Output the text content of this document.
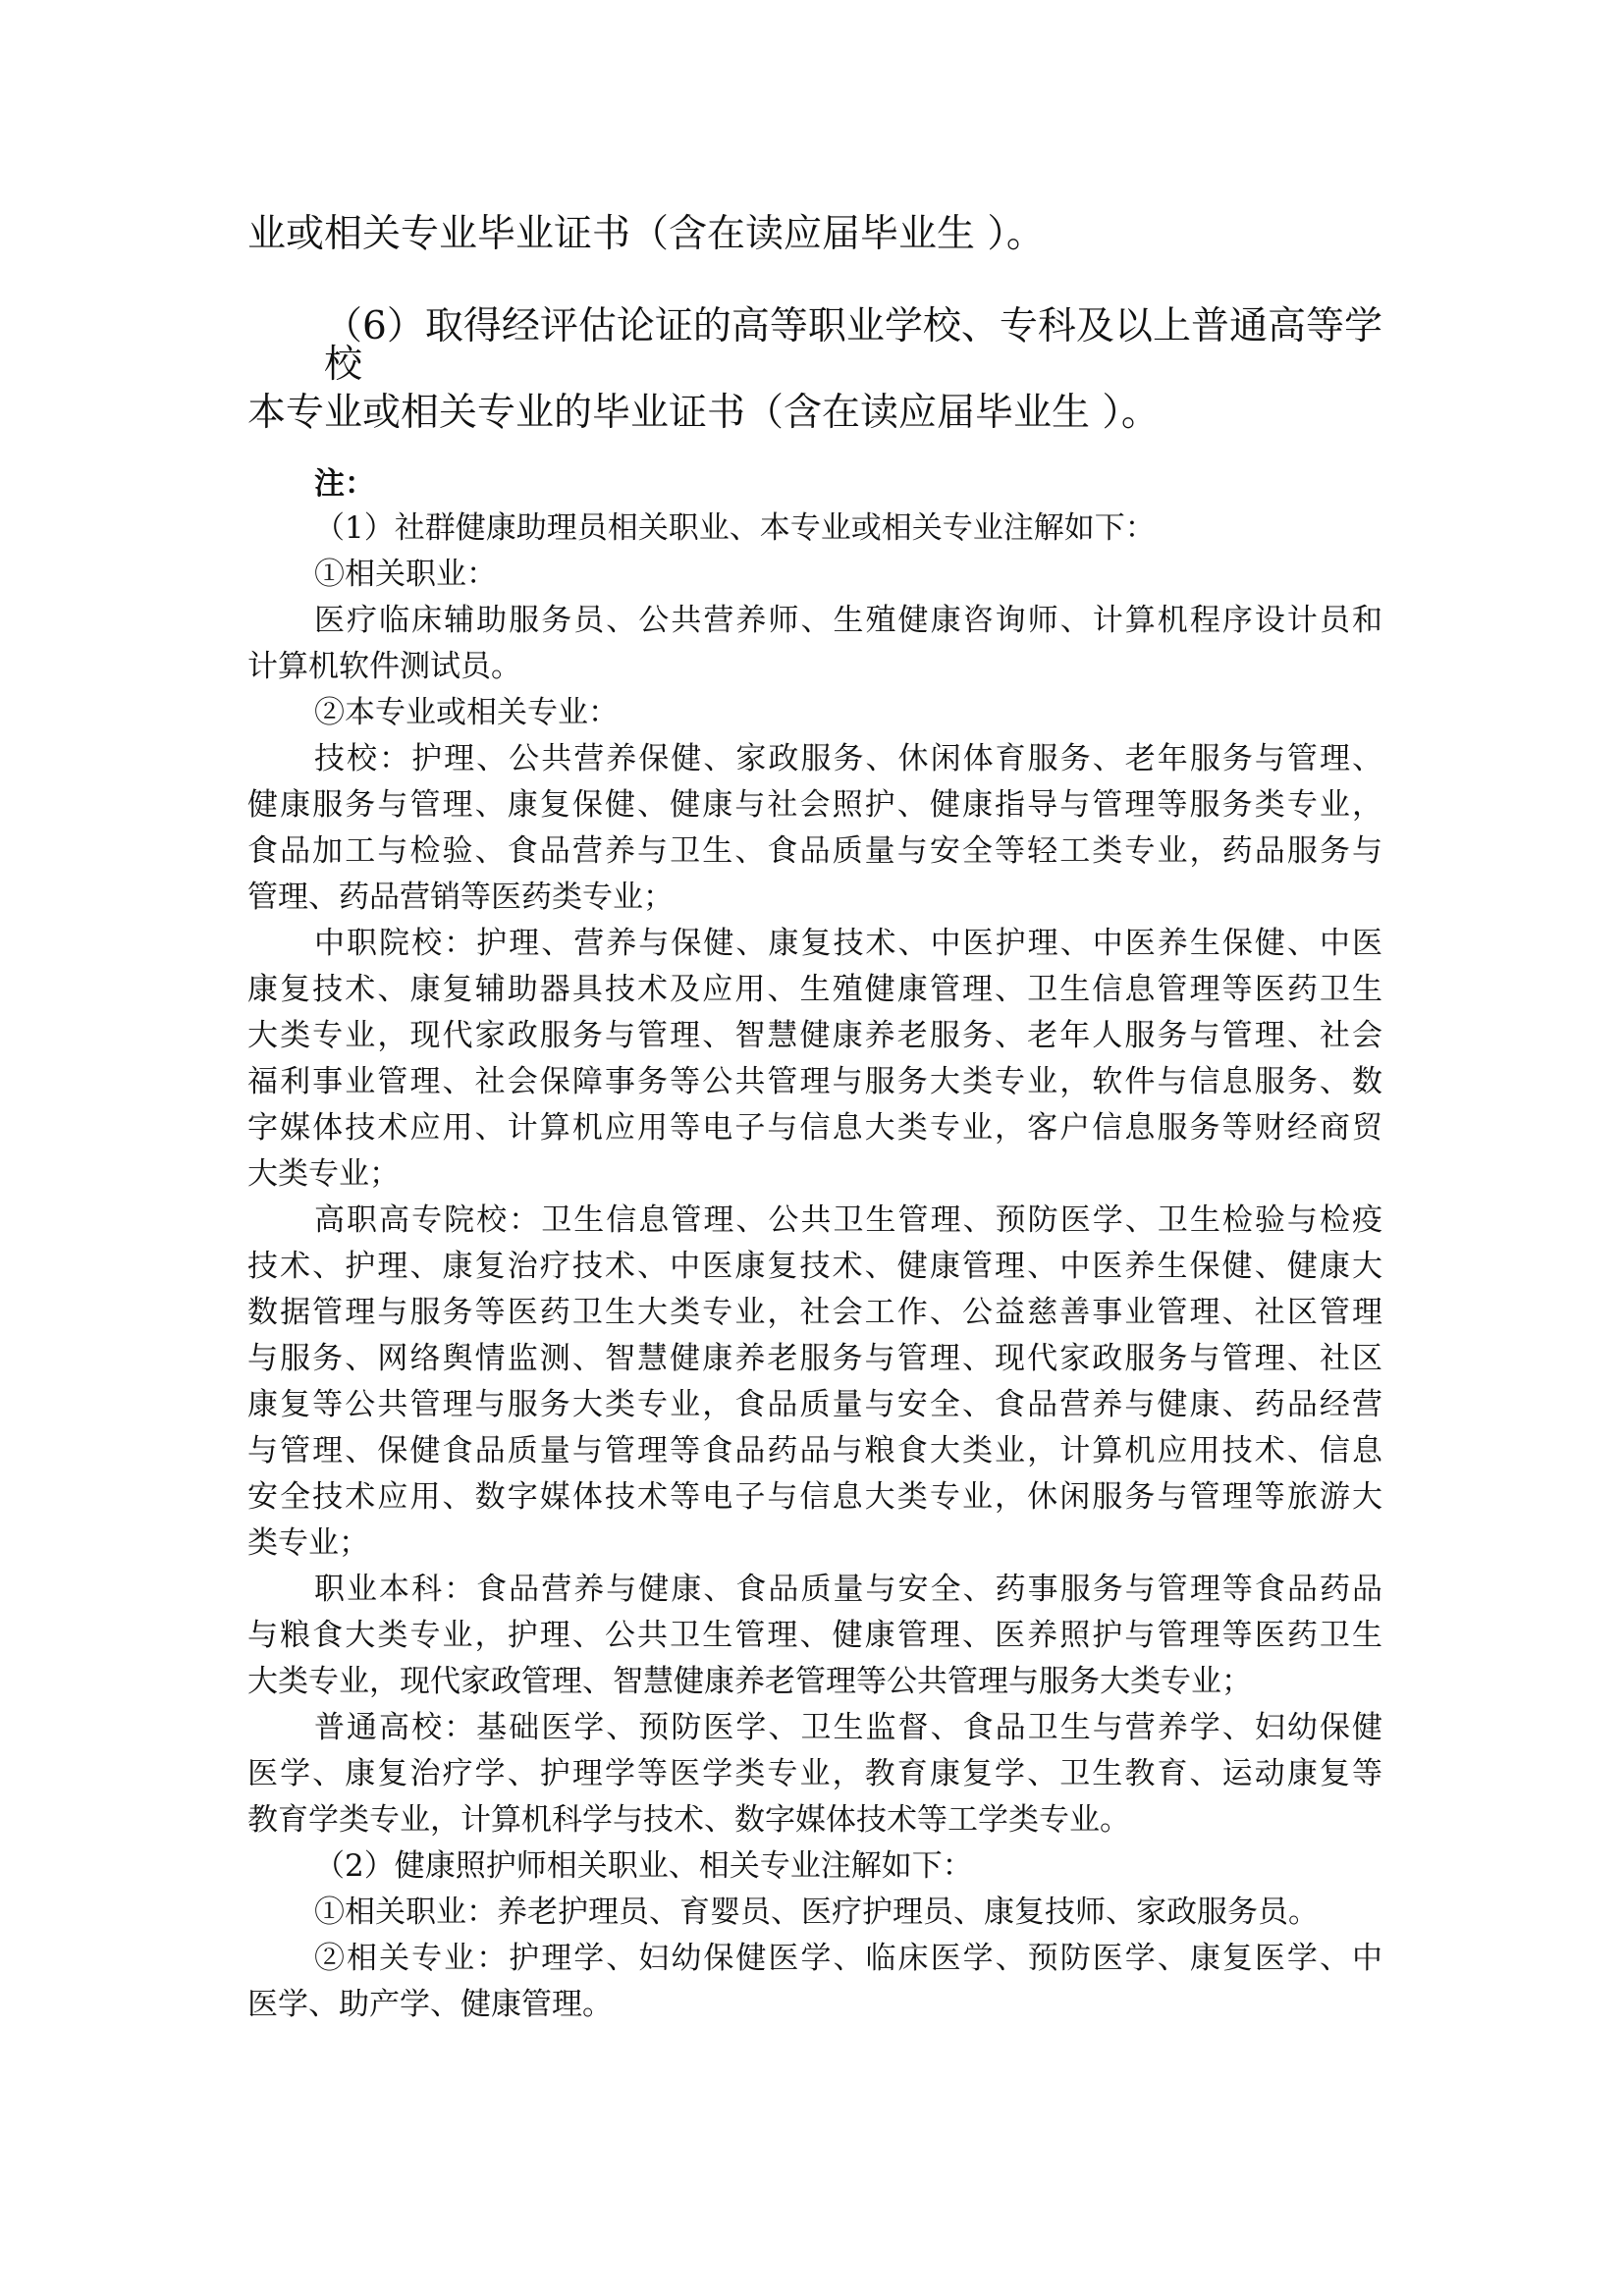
业或相关专业毕业证书（含在读应届毕业生 ）。
（6）取得经评估论证的高等职业学校、专科及以上普通高等学校
本专业或相关专业的毕业证书（含在读应届毕业生 ）。
注：
（1）社群健康助理员相关职业、本专业或相关专业注解如下：
①相关职业：
医疗临床辅助服务员、公共营养师、生殖健康咨询师、计算机程序设计员和
计算机软件测试员。
②本专业或相关专业：
技校：护理、公共营养保健、家政服务、休闲体育服务、老年服务与管理、
健康服务与管理、康复保健、健康与社会照护、健康指导与管理等服务类专业，
食品加工与检验、食品营养与卫生、食品质量与安全等轻工类专业，药品服务与
管理、药品营销等医药类专业；
中职院校：护理、营养与保健、康复技术、中医护理、中医养生保健、中医
康复技术、康复辅助器具技术及应用、生殖健康管理、卫生信息管理等医药卫生
大类专业，现代家政服务与管理、智慧健康养老服务、老年人服务与管理、社会
福利事业管理、社会保障事务等公共管理与服务大类专业，软件与信息服务、数
字媒体技术应用、计算机应用等电子与信息大类专业，客户信息服务等财经商贸
大类专业；
高职高专院校：卫生信息管理、公共卫生管理、预防医学、卫生检验与检疫
技术、护理、康复治疗技术、中医康复技术、健康管理、中医养生保健、健康大
数据管理与服务等医药卫生大类专业，社会工作、公益慈善事业管理、社区管理
与服务、网络舆情监测、智慧健康养老服务与管理、现代家政服务与管理、社区
康复等公共管理与服务大类专业，食品质量与安全、食品营养与健康、药品经营
与管理、保健食品质量与管理等食品药品与粮食大类业，计算机应用技术、信息
安全技术应用、数字媒体技术等电子与信息大类专业，休闲服务与管理等旅游大
类专业；
职业本科：食品营养与健康、食品质量与安全、药事服务与管理等食品药品
与粮食大类专业，护理、公共卫生管理、健康管理、医养照护与管理等医药卫生
大类专业，现代家政管理、智慧健康养老管理等公共管理与服务大类专业；
普通高校：基础医学、预防医学、卫生监督、食品卫生与营养学、妇幼保健
医学、康复治疗学、护理学等医学类专业，教育康复学、卫生教育、运动康复等
教育学类专业，计算机科学与技术、数字媒体技术等工学类专业。
（2）健康照护师相关职业、相关专业注解如下：
①相关职业：养老护理员、育婴员、医疗护理员、康复技师、家政服务员。
②相关专业：护理学、妇幼保健医学、临床医学、预防医学、康复医学、中
医学、助产学、健康管理。
